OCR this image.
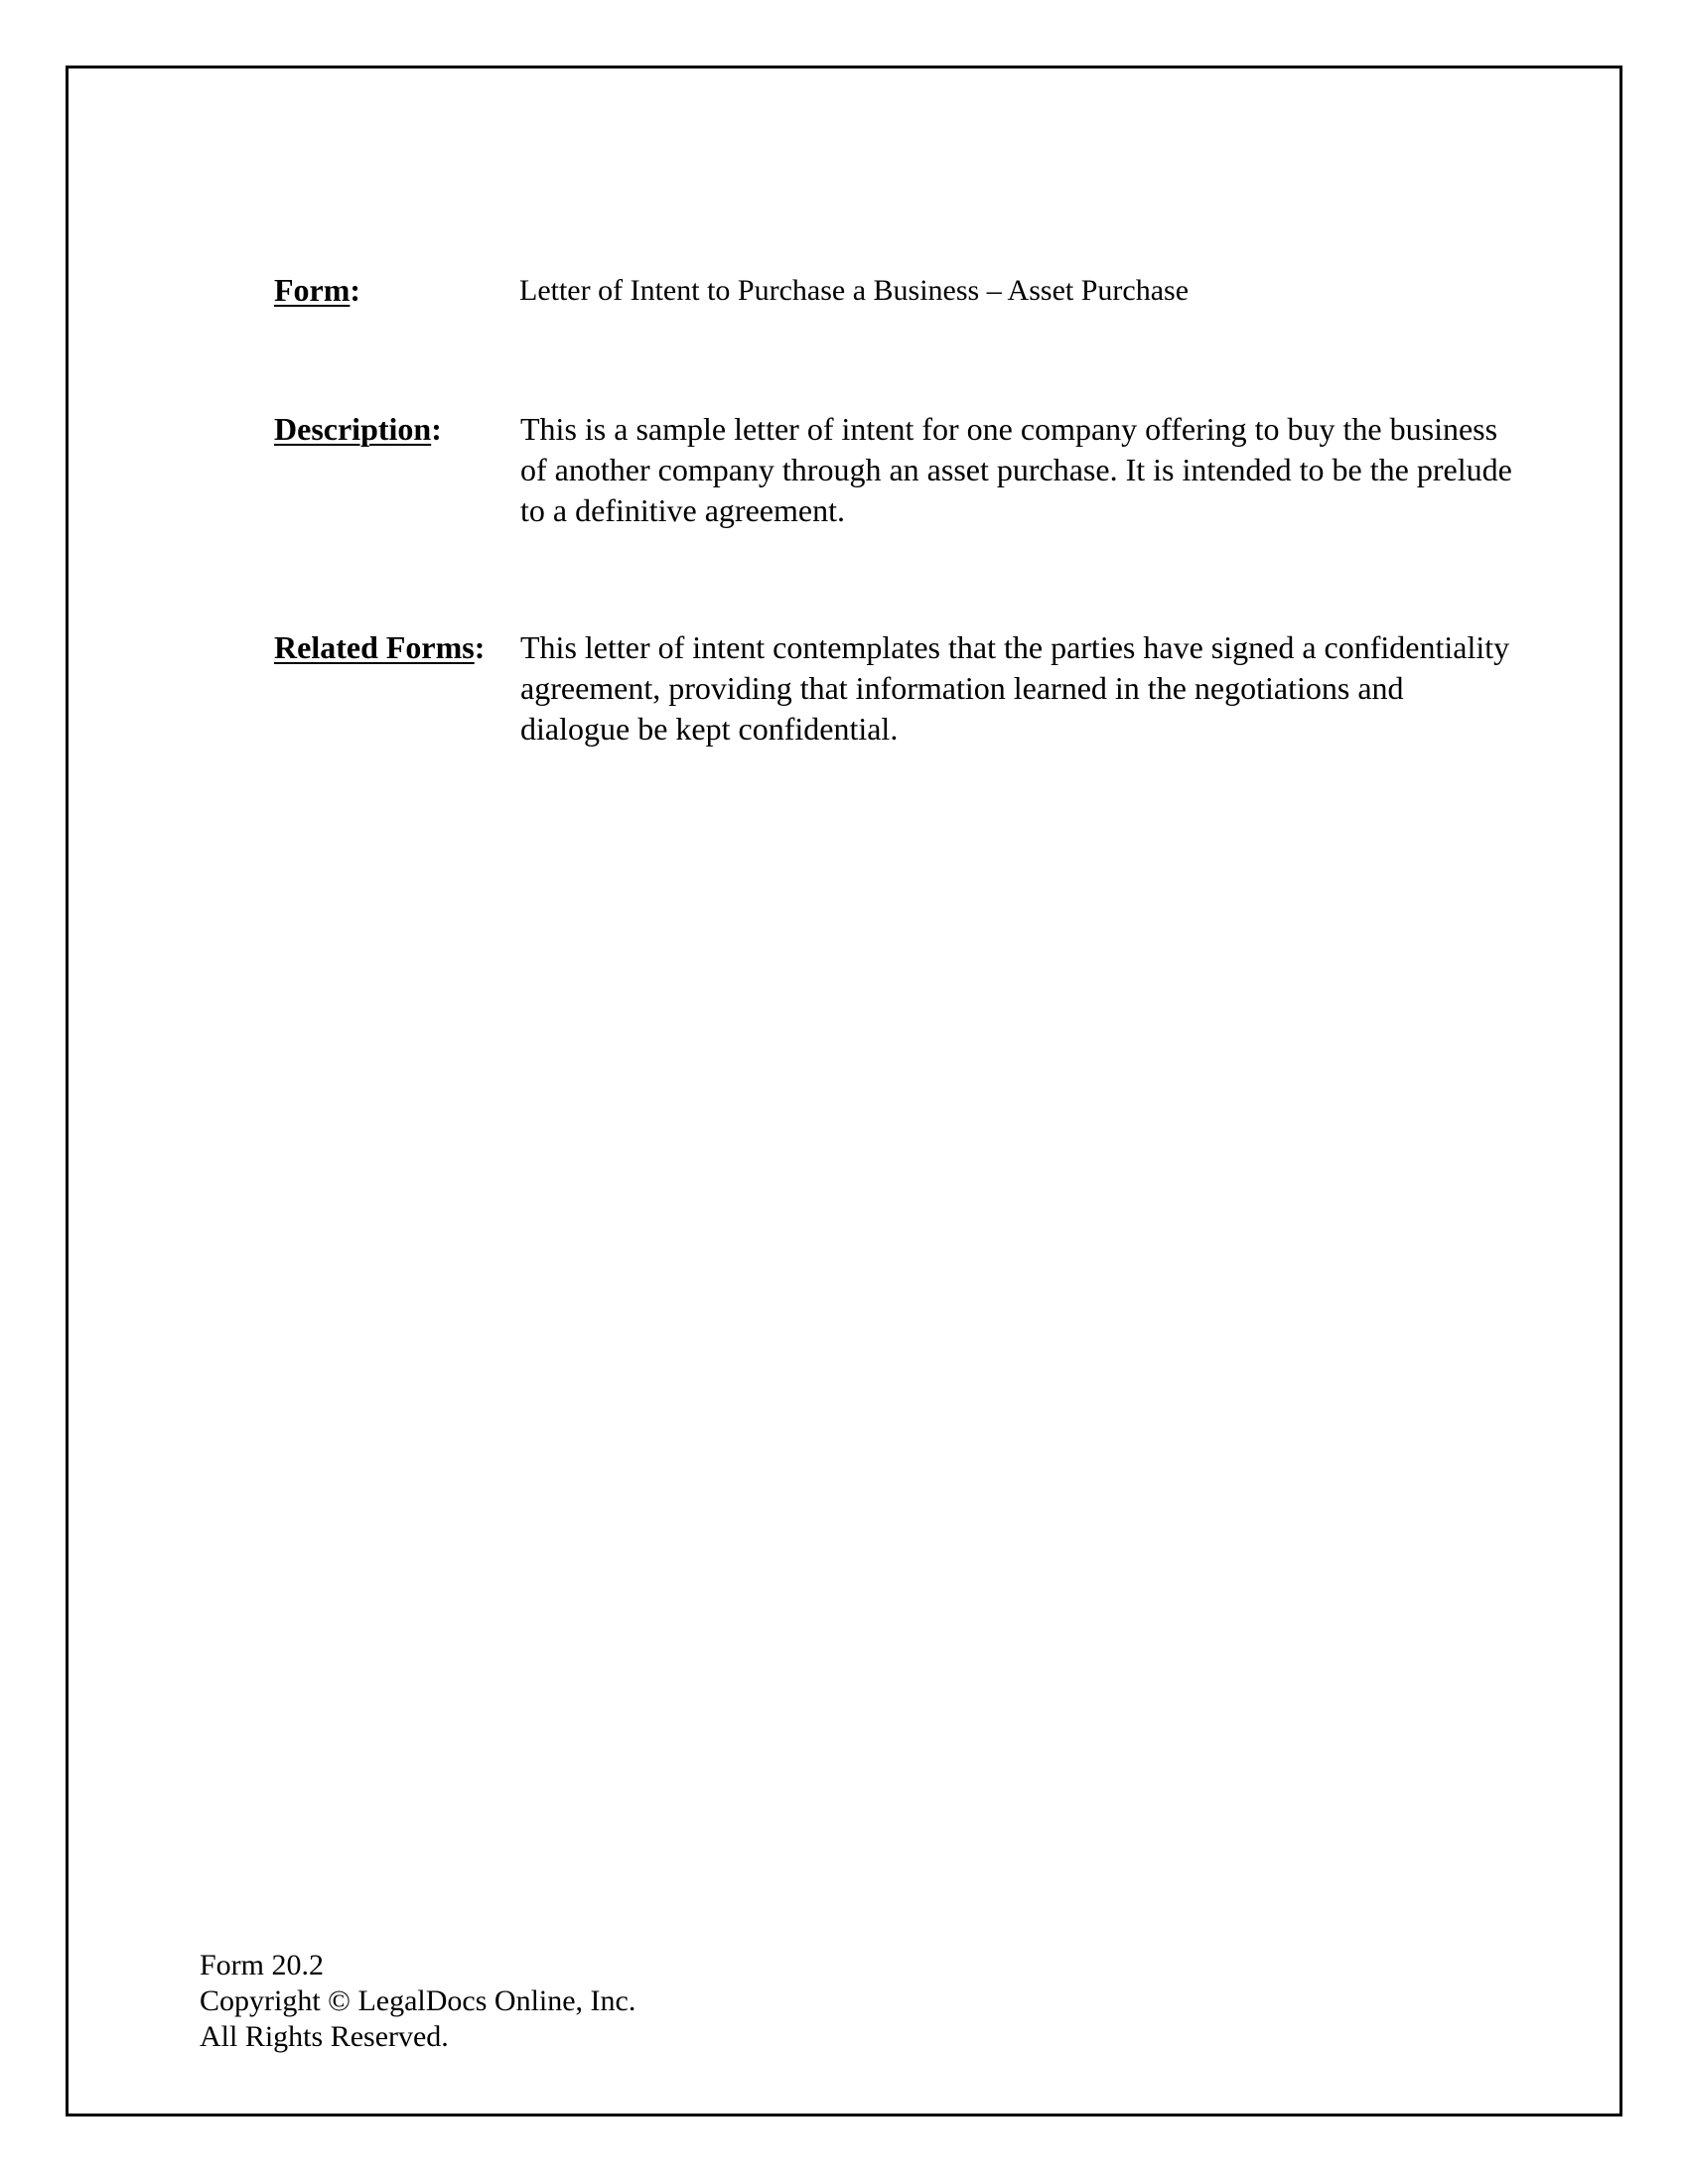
Form:	Letter of Intent to Purchase a Business – Asset Purchase
Description: This is a sample letter of intent for one company offering to buy the business of another company through an asset purchase. It is intended to be the prelude to a definitive agreement.
Related Forms: This letter of intent contemplates that the parties have signed a confidentiality agreement, providing that information learned in the negotiations and dialogue be kept confidential.
Form 20.2
Copyright © LegalDocs Online, Inc.
All Rights Reserved.
